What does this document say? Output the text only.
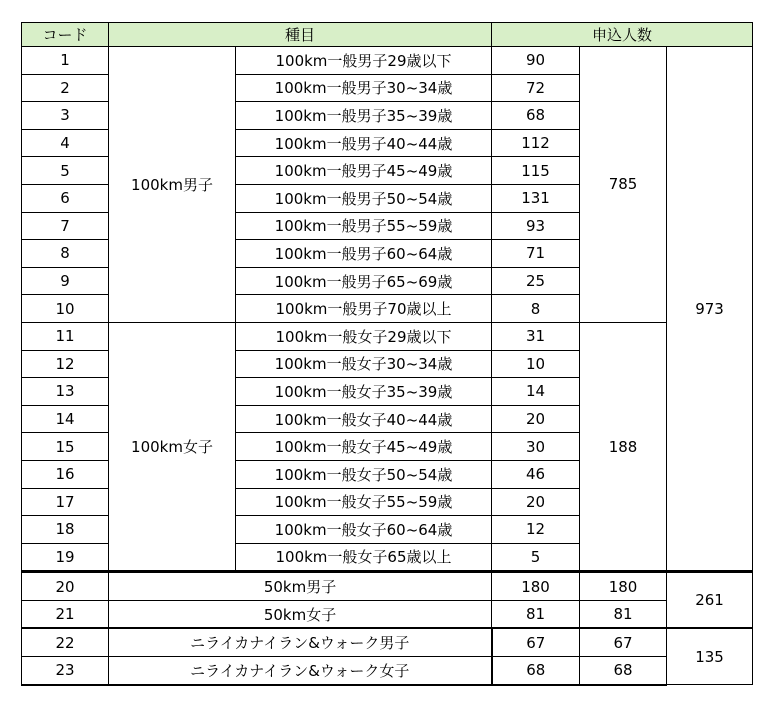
コード	種目		申込人数		
1	100km男子	100km一般男子29歳以下	90	785	973
2		100km一般男子30~34歳	72		
3		100km一般男子35~39歳	68		
4		100km一般男子40~44歳	112		
5		100km一般男子45~49歳	115		
6		100km一般男子50~54歳	131		
7		100km一般男子55~59歳	93		
8		100km一般男子60~64歳	71		
9		100km一般男子65~69歳	25		
10		100km一般男子70歳以上	8		
11	100km女子	100km一般女子29歳以下	31	188	
12		100km一般女子30~34歳	10		
13		100km一般女子35~39歳	14		
14		100km一般女子40~44歳	20		
15		100km一般女子45~49歳	30		
16		100km一般女子50~54歳	46		
17		100km一般女子55~59歳	20		
18		100km一般女子60~64歳	12		
19		100km一般女子65歳以上	5		
20	50km男子		180	180	261
21	50km女子		81	81	
22	ニライカナイラン&ウォーク男子		67	67	135
23	ニライカナイラン&ウォーク女子		68	68	
